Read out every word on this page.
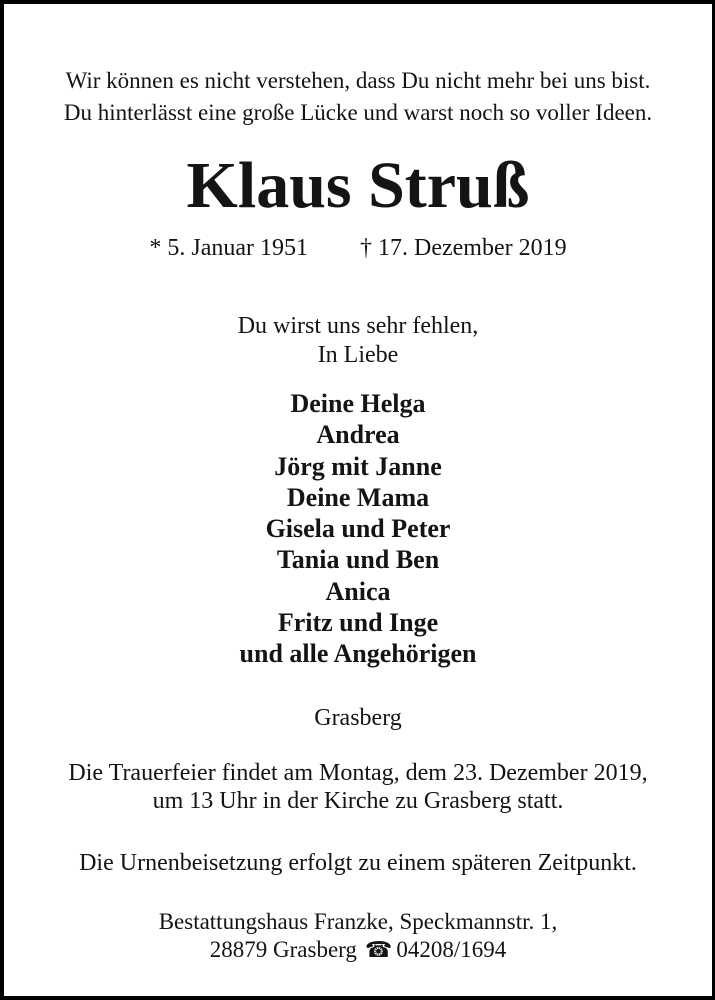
Wir können es nicht verstehen, dass Du nicht mehr bei uns bist.
Du hinterlässt eine große Lücke und warst noch so voller Ideen.
Klaus Struß
* 5. Januar 1951 † 17. Dezember 2019
Du wirst uns sehr fehlen,
In Liebe
Deine Helga
Andrea
Jörg mit Janne
Deine Mama
Gisela und Peter
Tania und Ben
Anica
Fritz und Inge
und alle Angehörigen
Grasberg
Die Trauerfeier findet am Montag, dem 23. Dezember 2019,
um 13 Uhr in der Kirche zu Grasberg statt.
Die Urnenbeisetzung erfolgt zu einem späteren Zeitpunkt.
Bestattungshaus Franzke, Speckmannstr. 1,
28879 Grasberg ☎ 04208/1694
